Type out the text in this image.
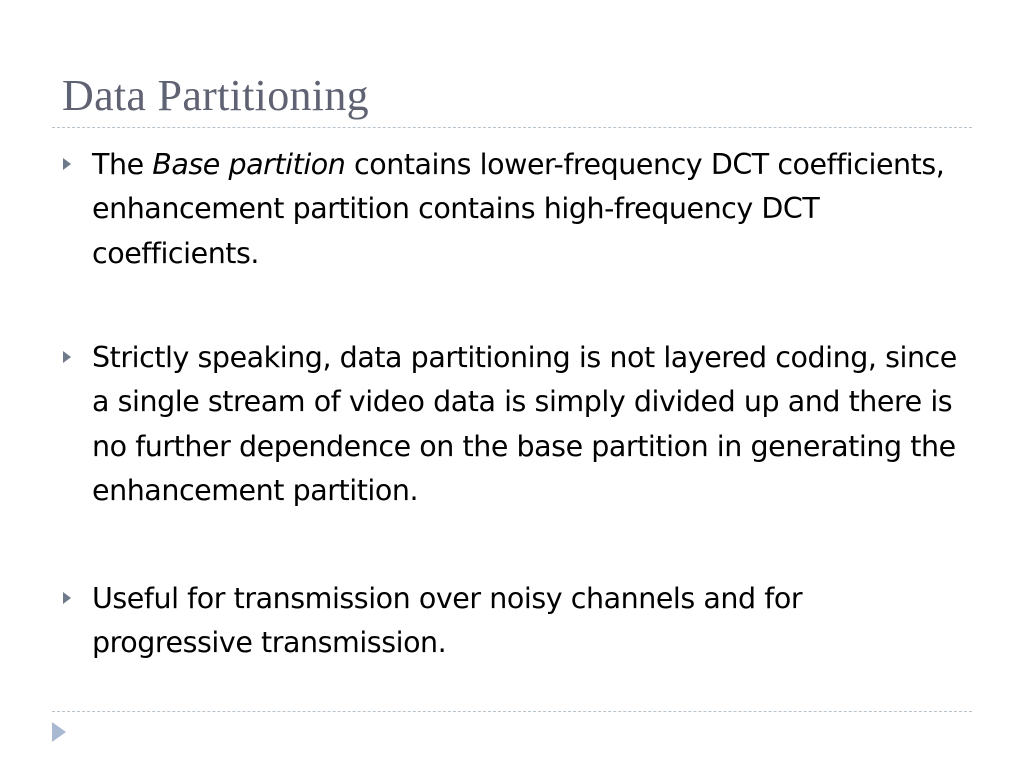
Data Partitioning

The Base partition contains lower-frequency DCT coefficients, enhancement partition contains high-frequency DCT coefficients.

Strictly speaking, data partitioning is not layered coding, since a single stream of video data is simply divided up and there is no further dependence on the base partition in generating the enhancement partition.

Useful for transmission over noisy channels and for progressive transmission.
